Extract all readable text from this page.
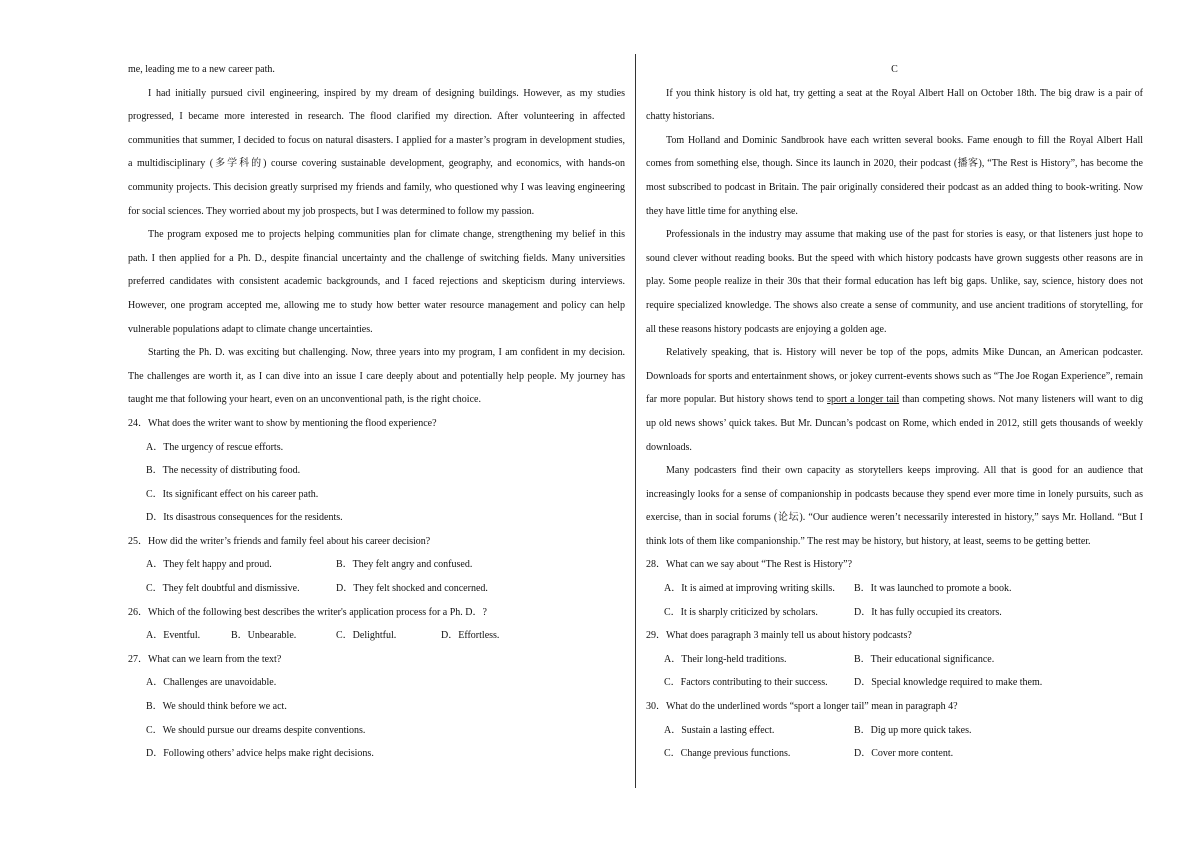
me, leading me to a new career path.

I had initially pursued civil engineering, inspired by my dream of designing buildings. However, as my studies progressed, I became more interested in research. The flood clarified my direction. After volunteering in affected communities that summer, I decided to focus on natural disasters. I applied for a master’s program in development studies, a multidisciplinary (多学科的) course covering sustainable development, geography, and economics, with hands-on community projects. This decision greatly surprised my friends and family, who questioned why I was leaving engineering for social sciences. They worried about my job prospects, but I was determined to follow my passion.

The program exposed me to projects helping communities plan for climate change, strengthening my belief in this path. I then applied for a Ph. D., despite financial uncertainty and the challenge of switching fields. Many universities preferred candidates with consistent academic backgrounds, and I faced rejections and skepticism during interviews. However, one program accepted me, allowing me to study how better water resource management and policy can help vulnerable populations adapt to climate change uncertainties.

Starting the Ph. D. was exciting but challenging. Now, three years into my program, I am confident in my decision. The challenges are worth it, as I can dive into an issue I care deeply about and potentially help people. My journey has taught me that following your heart, even on an unconventional path, is the right choice.

24．What does the writer want to show by mentioning the flood experience?

A．The urgency of rescue efforts.

B．The necessity of distributing food.

C．Its significant effect on his career path.

D．Its disastrous consequences for the residents.

25．How did the writer’s friends and family feel about his career decision?

A．They felt happy and proud.	B．They felt angry and confused.
C．They felt doubtful and dismissive.	D．They felt shocked and concerned.

26．Which of the following best describes the writer's application process for a Ph. D．?

A．Eventful.	B．Unbearable.	C．Delightful.	D．Effortless.

27．What can we learn from the text?

A．Challenges are unavoidable.

B．We should think before we act.

C．We should pursue our dreams despite conventions.

D．Following others’ advice helps make right decisions.

C

If you think history is old hat, try getting a seat at the Royal Albert Hall on October 18th. The big draw is a pair of chatty historians.

Tom Holland and Dominic Sandbrook have each written several books. Fame enough to fill the Royal Albert Hall comes from something else, though. Since its launch in 2020, their podcast (播客), “The Rest is History”, has become the most subscribed to podcast in Britain. The pair originally considered their podcast as an added thing to book-writing. Now they have little time for anything else.

Professionals in the industry may assume that making use of the past for stories is easy, or that listeners just hope to sound clever without reading books. But the speed with which history podcasts have grown suggests other reasons are in play. Some people realize in their 30s that their formal education has left big gaps. Unlike, say, science, history does not require specialized knowledge. The shows also create a sense of community, and use ancient traditions of storytelling, for all these reasons history podcasts are enjoying a golden age.

Relatively speaking, that is. History will never be top of the pops, admits Mike Duncan, an American podcaster. Downloads for sports and entertainment shows, or jokey current-events shows such as “The Joe Rogan Experience”, remain far more popular. But history shows tend to sport a longer tail than competing shows. Not many listeners will want to dig up old news shows’ quick takes. But Mr. Duncan’s podcast on Rome, which ended in 2012, still gets thousands of weekly downloads.

Many podcasters find their own capacity as storytellers keeps improving. All that is good for an audience that increasingly looks for a sense of companionship in podcasts because they spend ever more time in lonely pursuits, such as exercise, than in social forums (论坛). “Our audience weren’t necessarily interested in history,” says Mr. Holland. “But I think lots of them like companionship.” The rest may be history, but history, at least, seems to be getting better.

28．What can we say about “The Rest is History”?

A．It is aimed at improving writing skills.	B．It was launched to promote a book.
C．It is sharply criticized by scholars.	D．It has fully occupied its creators.

29．What does paragraph 3 mainly tell us about history podcasts?

A．Their long-held traditions.	B．Their educational significance.
C．Factors contributing to their success.	D．Special knowledge required to make them.

30．What do the underlined words “sport a longer tail” mean in paragraph 4?

A．Sustain a lasting effect.	B．Dig up more quick takes.
C．Change previous functions.	D．Cover more content.
